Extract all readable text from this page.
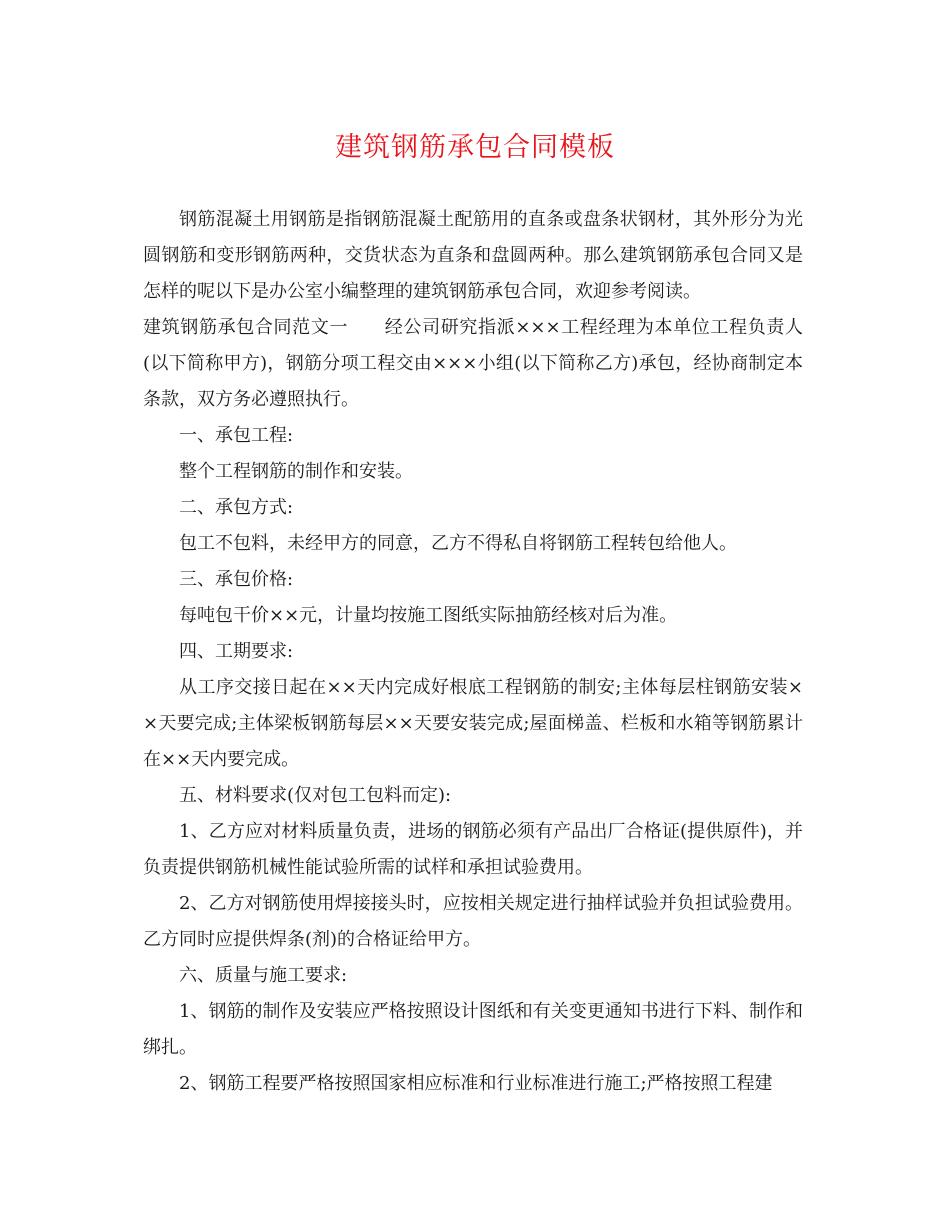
建筑钢筋承包合同模板

钢筋混凝土用钢筋是指钢筋混凝土配筋用的直条或盘条状钢材，其外形分为光圆钢筋和变形钢筋两种，交货状态为直条和盘圆两种。那么建筑钢筋承包合同又是怎样的呢以下是办公室小编整理的建筑钢筋承包合同，欢迎参考阅读。

建筑钢筋承包合同范文一 经公司研究指派×××工程经理为本单位工程负责人(以下简称甲方)，钢筋分项工程交由×××小组(以下简称乙方)承包，经协商制定本条款，双方务必遵照执行。

一、承包工程:

整个工程钢筋的制作和安装。

二、承包方式:

包工不包料，未经甲方的同意，乙方不得私自将钢筋工程转包给他人。

三、承包价格:

每吨包干价××元，计量均按施工图纸实际抽筋经核对后为准。

四、工期要求:

从工序交接日起在××天内完成好根底工程钢筋的制安;主体每层柱钢筋安装××天要完成;主体梁板钢筋每层××天要安装完成;屋面梯盖、栏板和水箱等钢筋累计在××天内要完成。

五、材料要求(仅对包工包料而定):

1、乙方应对材料质量负责，进场的钢筋必须有产品出厂合格证(提供原件)，并负责提供钢筋机械性能试验所需的试样和承担试验费用。

2、乙方对钢筋使用焊接接头时，应按相关规定进行抽样试验并负担试验费用。乙方同时应提供焊条(剂)的合格证给甲方。

六、质量与施工要求:

1、钢筋的制作及安装应严格按照设计图纸和有关变更通知书进行下料、制作和绑扎。

2、钢筋工程要严格按照国家相应标准和行业标准进行施工;严格按照工程建
